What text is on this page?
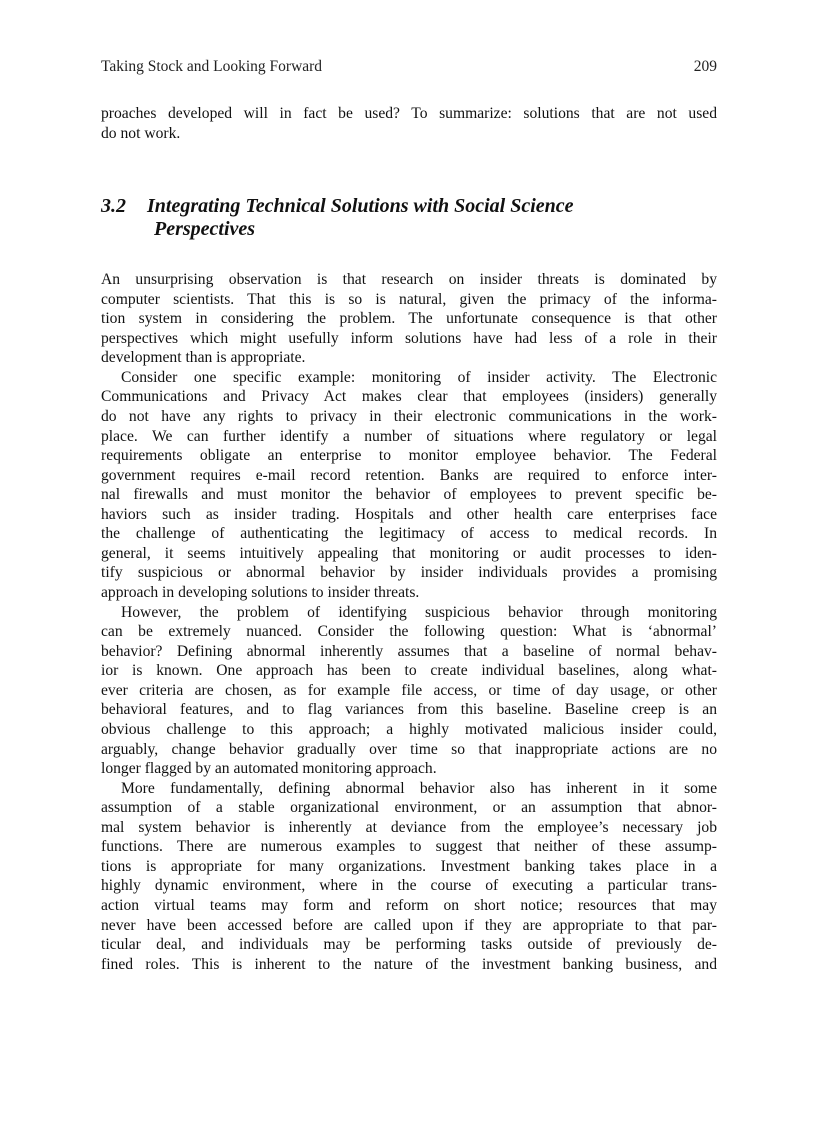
Taking Stock and Looking Forward	209
proaches developed will in fact be used? To summarize: solutions that are not used
do not work.
3.2 Integrating Technical Solutions with Social Science
Perspectives
An unsurprising observation is that research on insider threats is dominated by
computer scientists. That this is so is natural, given the primacy of the informa-
tion system in considering the problem. The unfortunate consequence is that other
perspectives which might usefully inform solutions have had less of a role in their
development than is appropriate.
Consider one specific example: monitoring of insider activity. The Electronic
Communications and Privacy Act makes clear that employees (insiders) generally
do not have any rights to privacy in their electronic communications in the work-
place. We can further identify a number of situations where regulatory or legal
requirements obligate an enterprise to monitor employee behavior. The Federal
government requires e-mail record retention. Banks are required to enforce inter-
nal firewalls and must monitor the behavior of employees to prevent specific be-
haviors such as insider trading. Hospitals and other health care enterprises face
the challenge of authenticating the legitimacy of access to medical records. In
general, it seems intuitively appealing that monitoring or audit processes to iden-
tify suspicious or abnormal behavior by insider individuals provides a promising
approach in developing solutions to insider threats.
However, the problem of identifying suspicious behavior through monitoring
can be extremely nuanced. Consider the following question: What is ‘abnormal’
behavior? Defining abnormal inherently assumes that a baseline of normal behav-
ior is known. One approach has been to create individual baselines, along what-
ever criteria are chosen, as for example file access, or time of day usage, or other
behavioral features, and to flag variances from this baseline. Baseline creep is an
obvious challenge to this approach; a highly motivated malicious insider could,
arguably, change behavior gradually over time so that inappropriate actions are no
longer flagged by an automated monitoring approach.
More fundamentally, defining abnormal behavior also has inherent in it some
assumption of a stable organizational environment, or an assumption that abnor-
mal system behavior is inherently at deviance from the employee’s necessary job
functions. There are numerous examples to suggest that neither of these assump-
tions is appropriate for many organizations. Investment banking takes place in a
highly dynamic environment, where in the course of executing a particular trans-
action virtual teams may form and reform on short notice; resources that may
never have been accessed before are called upon if they are appropriate to that par-
ticular deal, and individuals may be performing tasks outside of previously de-
fined roles. This is inherent to the nature of the investment banking business, and
